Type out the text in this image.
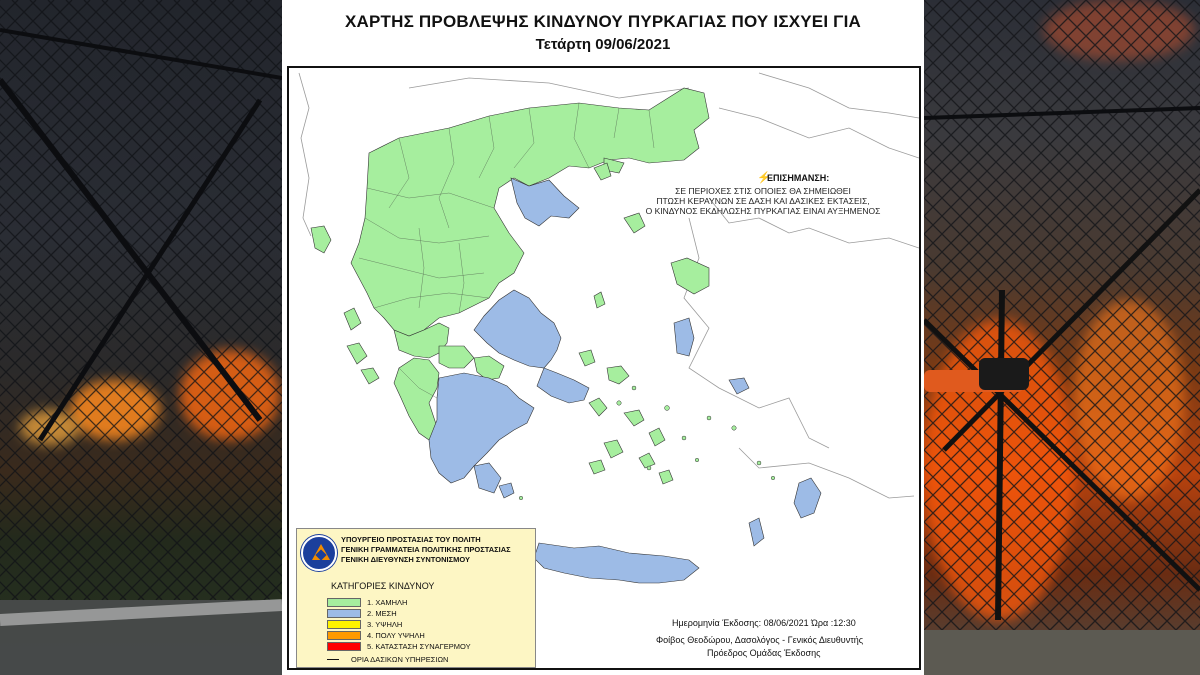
ΧΑΡΤΗΣ ΠΡΟΒΛΕΨΗΣ ΚΙΝΔΥΝΟΥ ΠΥΡΚΑΓΙΑΣ ΠΟΥ ΙΣΧΥΕΙ ΓΙΑ
Τετάρτη 09/06/2021
⚡
ΕΠΙΣΗΜΑΝΣΗ:
ΣΕ ΠΕΡΙΟΧΕΣ ΣΤΙΣ ΟΠΟΙΕΣ ΘΑ ΣΗΜΕΙΩΘΕΙ
ΠΤΩΣΗ ΚΕΡΑΥΝΩΝ ΣΕ ΔΑΣΗ ΚΑΙ ΔΑΣΙΚΕΣ ΕΚΤΑΣΕΙΣ,
Ο ΚΙΝΔΥΝΟΣ ΕΚΔΗΛΩΣΗΣ ΠΥΡΚΑΓΙΑΣ ΕΙΝΑΙ ΑΥΞΗΜΕΝΟΣ
ΥΠΟΥΡΓΕΙΟ ΠΡΟΣΤΑΣΙΑΣ ΤΟΥ ΠΟΛΙΤΗ
ΓΕΝΙΚΗ ΓΡΑΜΜΑΤΕΙΑ ΠΟΛΙΤΙΚΗΣ ΠΡΟΣΤΑΣΙΑΣ
ΓΕΝΙΚΗ ΔΙΕΥΘΥΝΣΗ ΣΥΝΤΟΝΙΣΜΟΥ
ΚΑΤΗΓΟΡΙΕΣ ΚΙΝΔΥΝΟΥ
1. ΧΑΜΗΛΗ
2. ΜΕΣΗ
3. ΥΨΗΛΗ
4. ΠΟΛΥ ΥΨΗΛΗ
5. ΚΑΤΑΣΤΑΣΗ ΣΥΝΑΓΕΡΜΟΥ
ΟΡΙΑ ΔΑΣΙΚΩΝ ΥΠΗΡΕΣΙΩΝ
Ημερομηνία Έκδοσης: 08/06/2021 Ώρα :12:30
Φοίβος Θεοδώρου, Δασολόγος - Γενικός Διευθυντής
Πρόεδρος Ομάδας Έκδοσης
